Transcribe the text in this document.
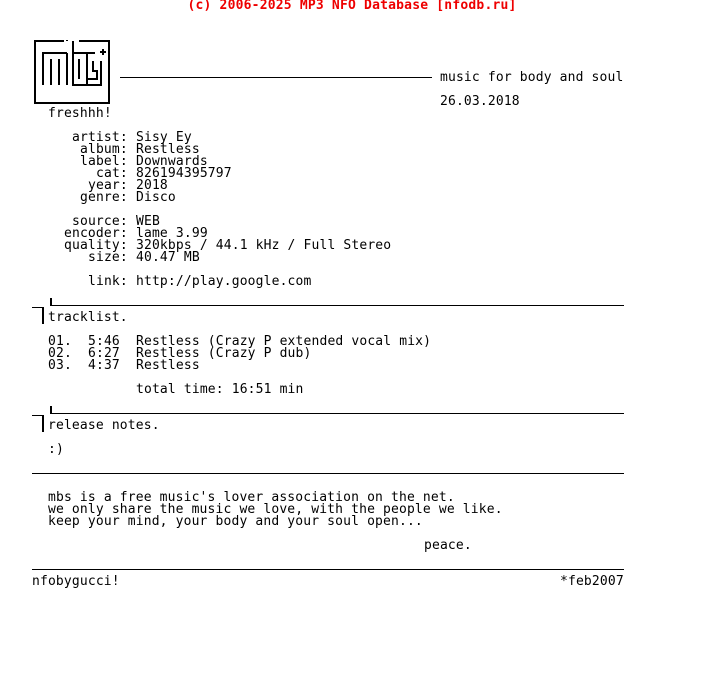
(c) 2006-2025 MP3 NFO Database [nfodb.ru]
music for body and soul
26.03.2018
freshhh!
artist: Sisy Ey
album: Restless
label: Downwards
cat: 826194395797
year: 2018
genre: Disco
source: WEB
encoder: lame 3.99
quality: 320kbps / 44.1 kHz / Full Stereo
size: 40.47 MB
link: http://play.google.com
tracklist.
01. 5:46 Restless (Crazy P extended vocal mix)
02. 6:27 Restless (Crazy P dub)
03. 4:37 Restless
total time: 16:51 min
release notes.
:)
mbs is a free music's lover association on the net.
we only share the music we love, with the people we like.
keep your mind, your body and your soul open...
peace.
nfobygucci!	*feb2007
